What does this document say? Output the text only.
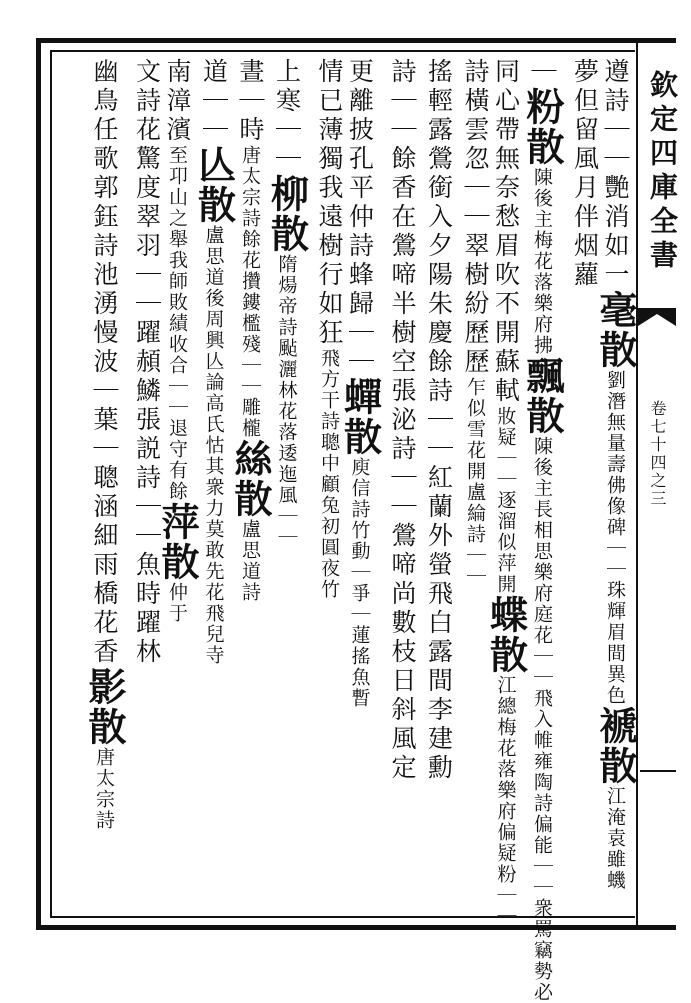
欽定四庫全書
卷七十四之三
遵詩｜｜艷消如一毫散劉潛無量壽佛像碑｜｜珠輝眉間異色褫散江淹袁雖蟣
夢但留風月伴烟蘿
｜粉散陳後主梅花落樂府拂飄散陳後主長相思樂府庭花｜｜飛入帷雍陶詩偏能｜｜衆罵竊勢必
同心帶無奈愁眉吹不開蘇軾妝疑｜｜逐溜似萍開蝶散江總梅花落樂府偏疑粉｜｜
詩橫雲忽｜｜翠樹紛歷歷乍似雪花開盧綸詩｜｜
搖輕露鶯銜入夕陽朱慶餘詩｜｜紅蘭外螢飛白露間李建勳
詩｜｜餘香在鶯啼半樹空張泌詩｜｜鶯啼尚數枝日斜風定
更離披孔平仲詩蜂歸｜｜蟬散庾信詩竹動｜爭｜蓮搖魚暫
情已薄獨我遠樹行如狂飛方干詩聰中顧兔初圓夜竹
上寒｜｜柳散隋煬帝詩颭灑林花落逶迤風｜｜
晝｜時唐太宗詩餘花攢鏤檻殘｜｜雕櫳絲散盧思道詩
道｜｜亾散盧思道後周興亾論高氏怙其衆力莫敢先花飛兒寺
南漳濱至卭山之舉我師敗績收合｜｜退守有餘萍散仲于
文詩花驚度翠羽｜｜躍頳鱗張説詩｜｜魚時躍林
幽鳥任歌郭鈺詩池湧慢波｜葉｜聰涵細雨橋花香影散唐太宗詩
